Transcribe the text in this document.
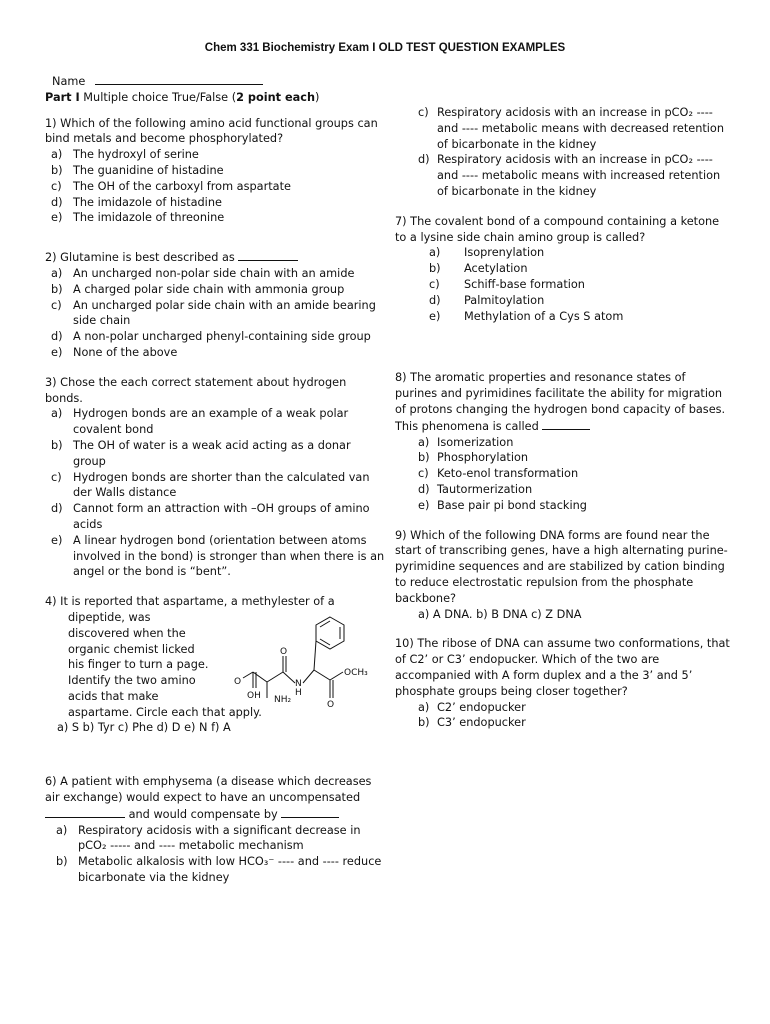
Chem 331 Biochemistry Exam I OLD TEST QUESTION EXAMPLES
Name
Part I Multiple choice True/False (2 point each)

1) Which of the following amino acid functional groups can bind metals and become phosphorylated?

a) The hydroxyl of serine
b) The guanidine of histadine
c) The OH of the carboxyl from aspartate
d) The imidazole of histadine
e) The imidazole of threonine

2) Glutamine is best described as

a) An uncharged non-polar side chain with an amide
b) A charged polar side chain with ammonia group
c) An uncharged polar side chain with an amide bearing side chain
d) A non-polar uncharged phenyl-containing side group
e) None of the above

3) Chose the each correct statement about hydrogen bonds.

a) Hydrogen bonds are an example of a weak polar covalent bond
b) The OH of water is a weak acid acting as a donar group
c) Hydrogen bonds are shorter than the calculated van der Walls distance
d) Cannot form an attraction with –OH groups of amino acids
e) A linear hydrogen bond (orientation between atoms involved in the bond) is stronger than when there is an angel or the bond is “bent”.

4) It is reported that aspartame, a methylester of a

dipeptide, was
discovered when the
organic chemist licked
his finger to turn a page.
Identify the two amino
acids that make
aspartame. Circle each that apply.
a) S b) Tyr c) Phe d) D e) N f) A
O
O
O
OH NH₂
N
H
OCH₃

6) A patient with emphysema (a disease which decreases air exchange) would expect to have an uncompensated  and would compensate by

a) Respiratory acidosis with a significant decrease in pCO₂ ----- and ---- metabolic mechanism
b) Metabolic alkalosis with low HCO₃⁻ ---- and ---- reduce bicarbonate via the kidney
c) Respiratory acidosis with an increase in pCO₂ ---- and ---- metabolic means with decreased retention of bicarbonate in the kidney
d) Respiratory acidosis with an increase in pCO₂ ---- and ---- metabolic means with increased retention of bicarbonate in the kidney

7) The covalent bond of a compound containing a ketone to a lysine side chain amino group is called?

a) Isoprenylation
b) Acetylation
c) Schiff-base formation
d) Palmitoylation
e) Methylation of a Cys S atom

8) The aromatic properties and resonance states of purines and pyrimidines facilitate the ability for migration of protons changing the hydrogen bond capacity of bases. This phenomena is called

a) Isomerization
b) Phosphorylation
c) Keto-enol transformation
d) Tautormerization
e) Base pair pi bond stacking

9) Which of the following DNA forms are found near the start of transcribing genes, have a high alternating purine-pyrimidine sequences and are stabilized by cation binding to reduce electrostatic repulsion from the phosphate backbone?

a) A DNA. b) B DNA c) Z DNA

10) The ribose of DNA can assume two conformations, that of C2’ or C3’ endopucker. Which of the two are accompanied with A form duplex and a the 3’ and 5’ phosphate groups being closer together?

a) C2’ endopucker
b) C3’ endopucker
